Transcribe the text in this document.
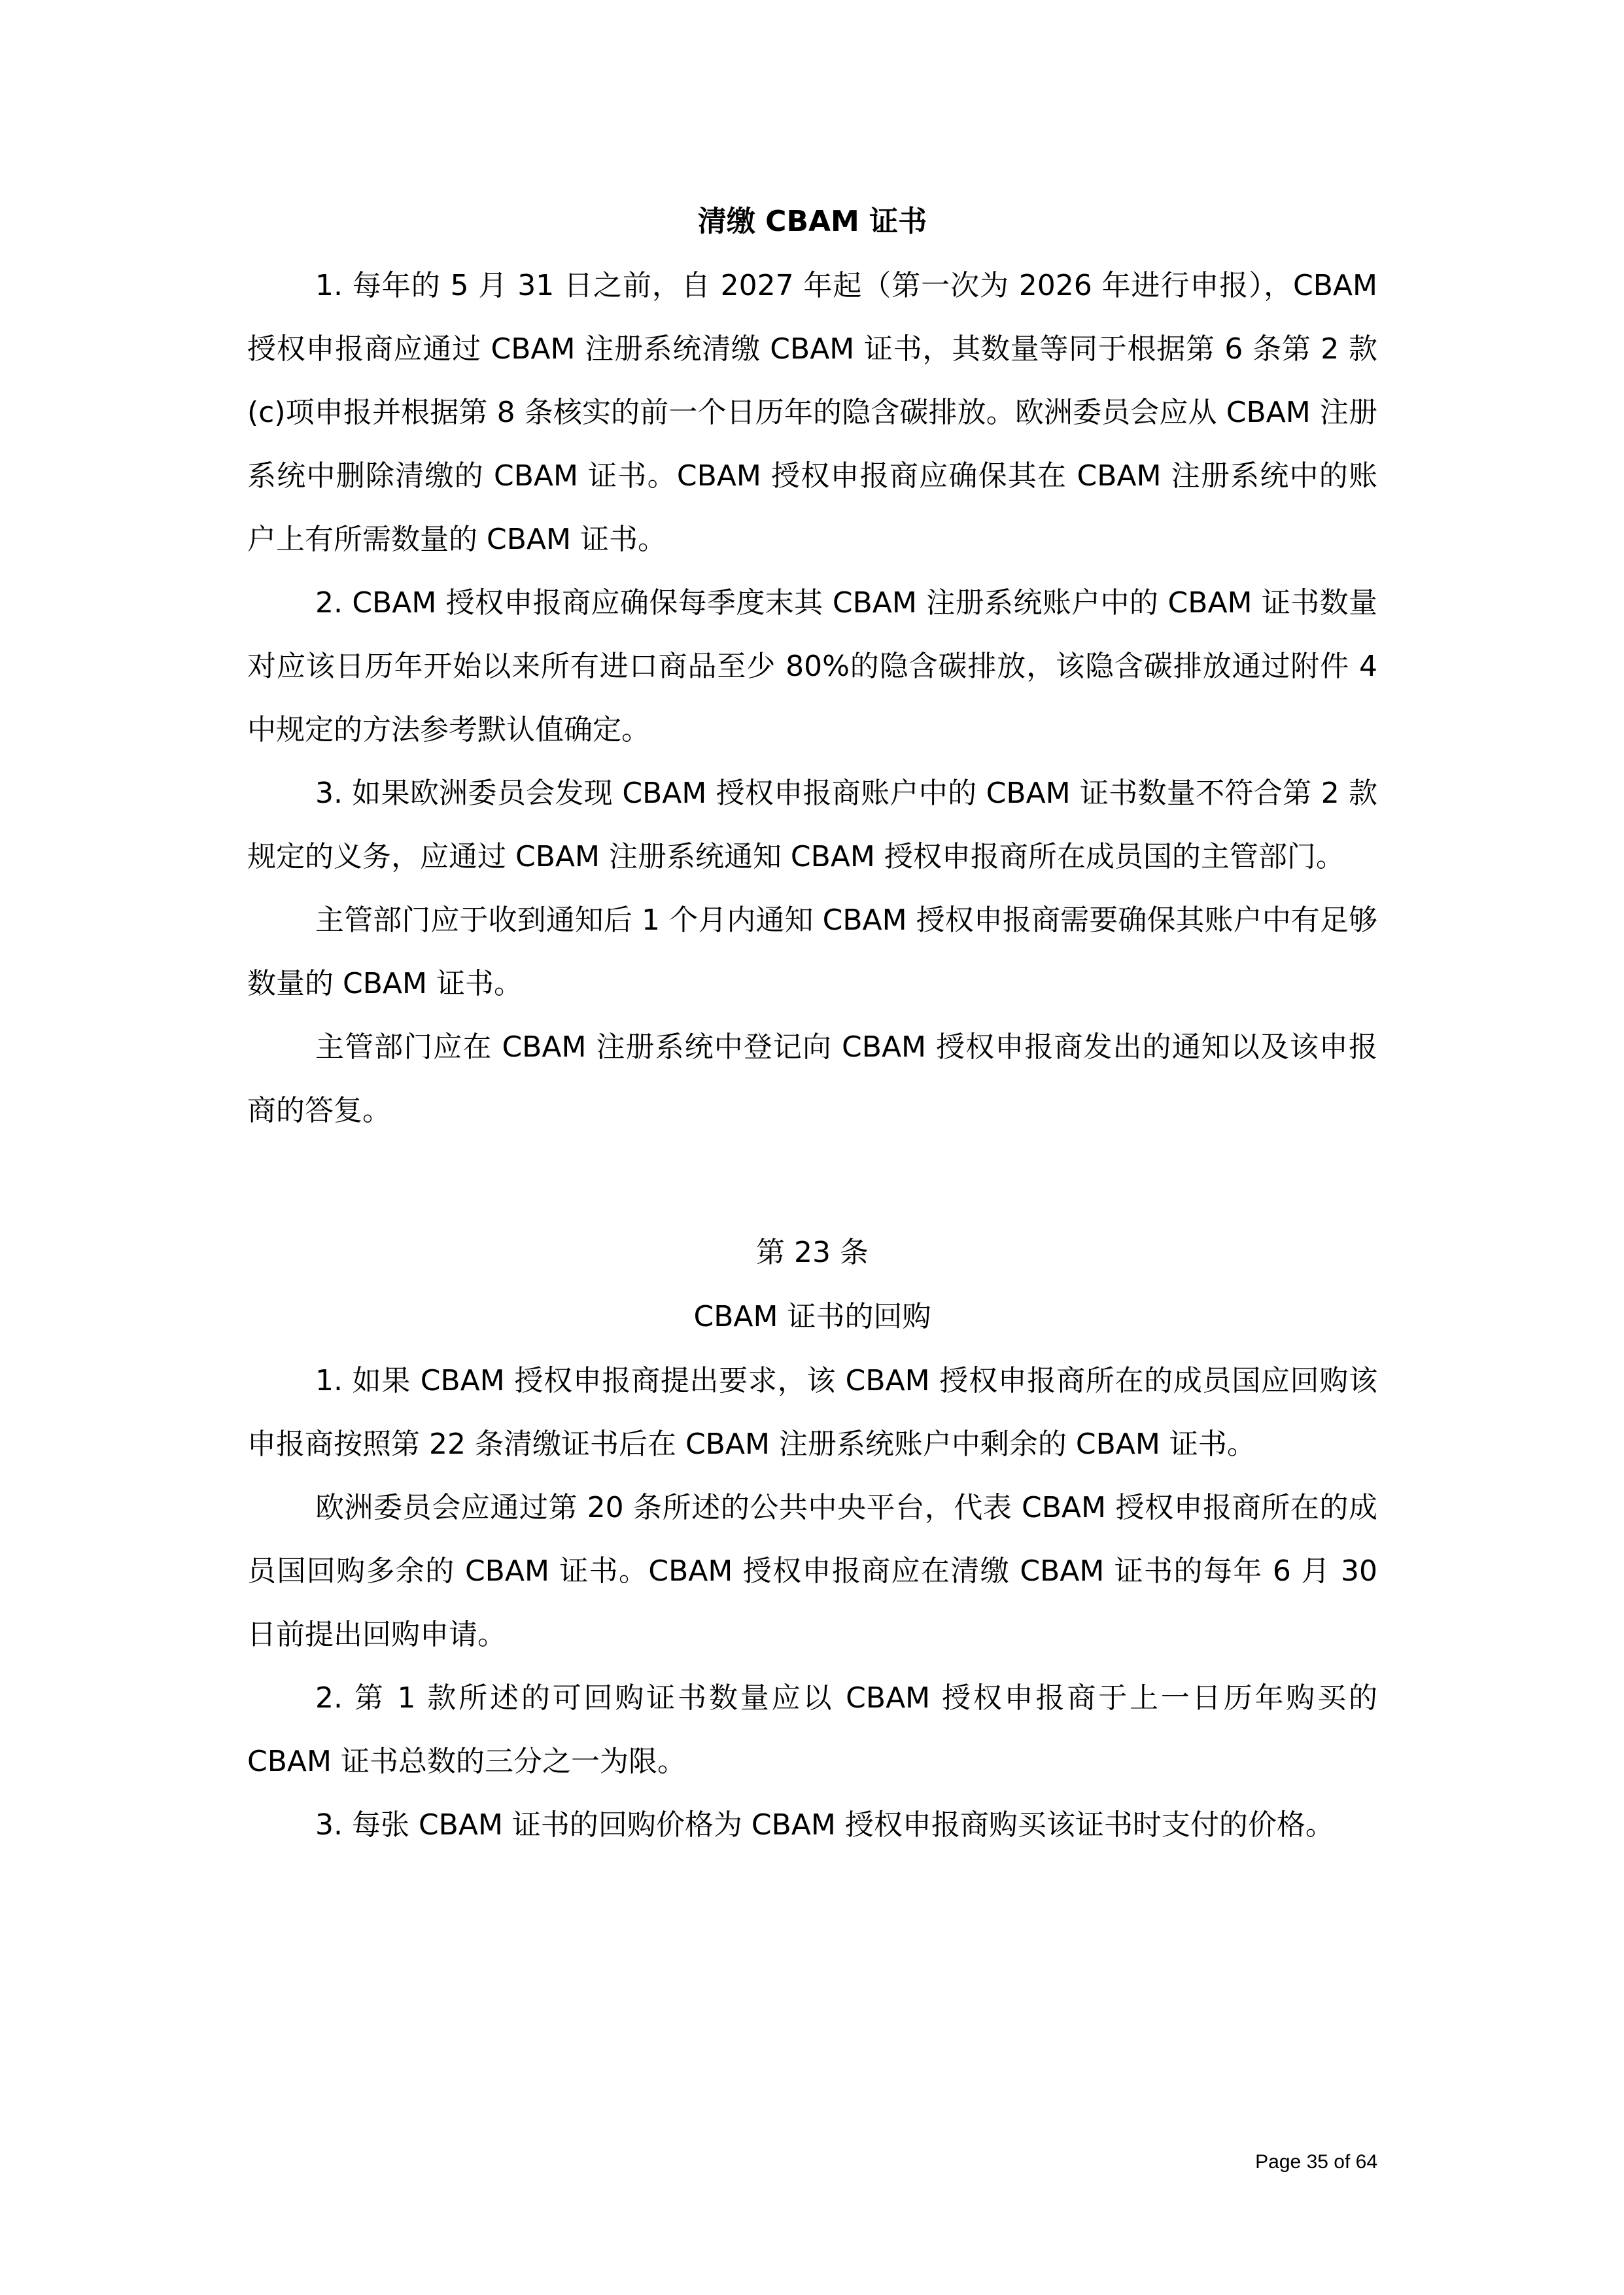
清缴 CBAM 证书

1. 每年的 5 月 31 日之前，自 2027 年起（第一次为 2026 年进行申报），CBAM 授权申报商应通过 CBAM 注册系统清缴 CBAM 证书，其数量等同于根据第 6 条第 2 款(c)项申报并根据第 8 条核实的前一个日历年的隐含碳排放。欧洲委员会应从 CBAM 注册系统中删除清缴的 CBAM 证书。CBAM 授权申报商应确保其在 CBAM 注册系统中的账户上有所需数量的 CBAM 证书。

2. CBAM 授权申报商应确保每季度末其 CBAM 注册系统账户中的 CBAM 证书数量对应该日历年开始以来所有进口商品至少 80%的隐含碳排放，该隐含碳排放通过附件 4 中规定的方法参考默认值确定。

3. 如果欧洲委员会发现 CBAM 授权申报商账户中的 CBAM 证书数量不符合第 2 款规定的义务，应通过 CBAM 注册系统通知 CBAM 授权申报商所在成员国的主管部门。

主管部门应于收到通知后 1 个月内通知 CBAM 授权申报商需要确保其账户中有足够数量的 CBAM 证书。

主管部门应在 CBAM 注册系统中登记向 CBAM 授权申报商发出的通知以及该申报商的答复。

第 23 条
CBAM 证书的回购

1. 如果 CBAM 授权申报商提出要求，该 CBAM 授权申报商所在的成员国应回购该申报商按照第 22 条清缴证书后在 CBAM 注册系统账户中剩余的 CBAM 证书。

欧洲委员会应通过第 20 条所述的公共中央平台，代表 CBAM 授权申报商所在的成员国回购多余的 CBAM 证书。CBAM 授权申报商应在清缴 CBAM 证书的每年 6 月 30 日前提出回购申请。

2. 第 1 款所述的可回购证书数量应以 CBAM 授权申报商于上一日历年购买的 CBAM 证书总数的三分之一为限。

3. 每张 CBAM 证书的回购价格为 CBAM 授权申报商购买该证书时支付的价格。

Page 35 of 64
